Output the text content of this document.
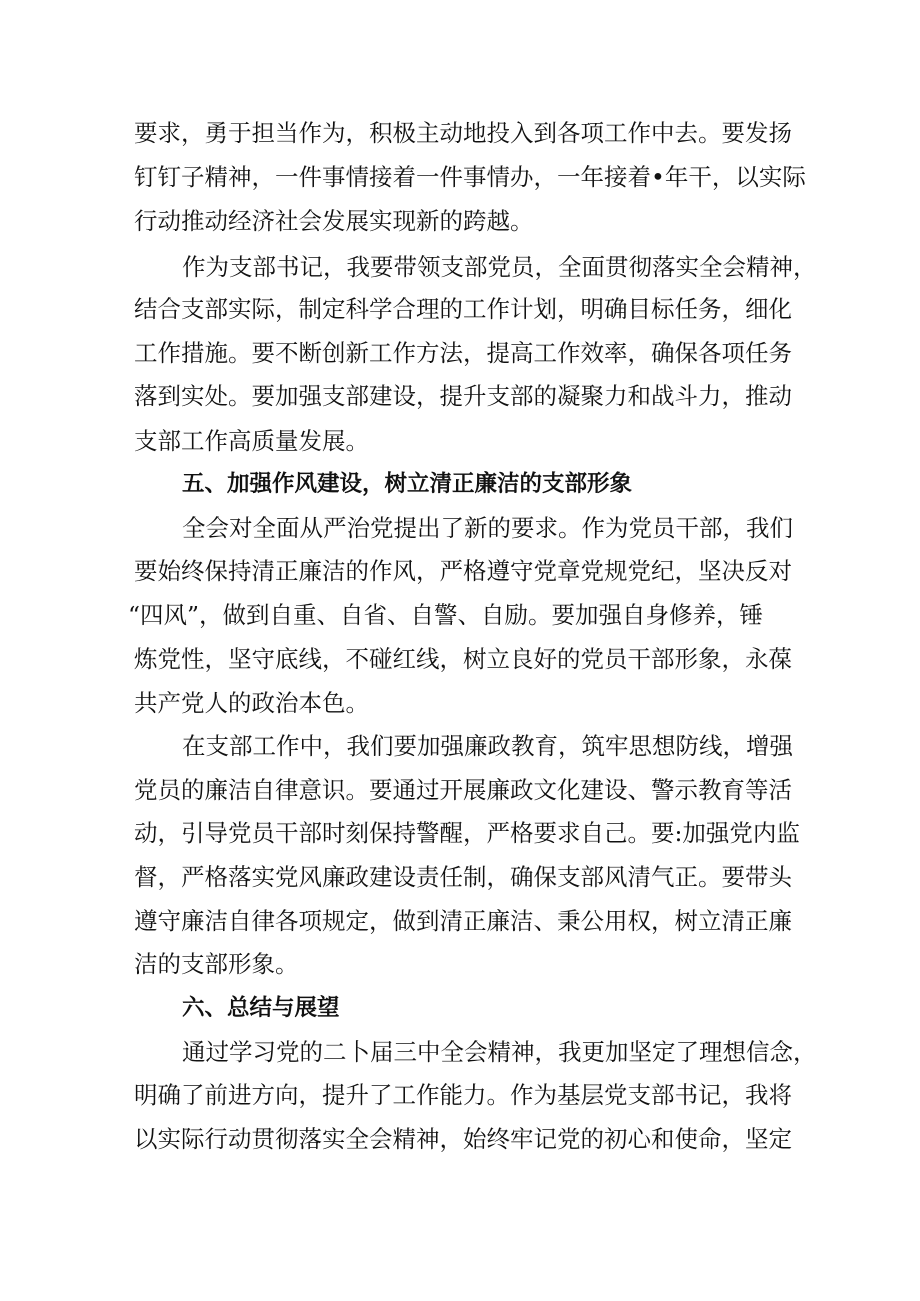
要求，勇于担当作为，积极主动地投入到各项工作中去。要发扬
钉钉子精神，一件事情接着一件事情办，一年接着•年干，以实际
行动推动经济社会发展实现新的跨越。
作为支部书记，我要带领支部党员，全面贯彻落实全会精神，
结合支部实际，制定科学合理的工作计划，明确目标任务，细化
工作措施。要不断创新工作方法，提高工作效率，确保各项任务
落到实处。要加强支部建设，提升支部的凝聚力和战斗力，推动
支部工作高质量发展。
五、加强作风建设，树立清正廉洁的支部形象
全会对全面从严治党提出了新的要求。作为党员干部，我们
要始终保持清正廉洁的作风，严格遵守党章党规党纪，坚决反对
“四风”，做到自重、自省、自警、自励。要加强自身修养，锤
炼党性，坚守底线，不碰红线，树立良好的党员干部形象，永葆
共产党人的政治本色。
在支部工作中，我们要加强廉政教育，筑牢思想防线，增强
党员的廉洁自律意识。要通过开展廉政文化建设、警示教育等活
动，引导党员干部时刻保持警醒，严格要求自己。要:加强党内监
督，严格落实党风廉政建设责任制，确保支部风清气正。要带头
遵守廉洁自律各项规定，做到清正廉洁、秉公用权，树立清正廉
洁的支部形象。
六、总结与展望
通过学习党的二卜届三中全会精神，我更加坚定了理想信念，
明确了前进方向，提升了工作能力。作为基层党支部书记，我将
以实际行动贯彻落实全会精神，始终牢记党的初心和使命，坚定
